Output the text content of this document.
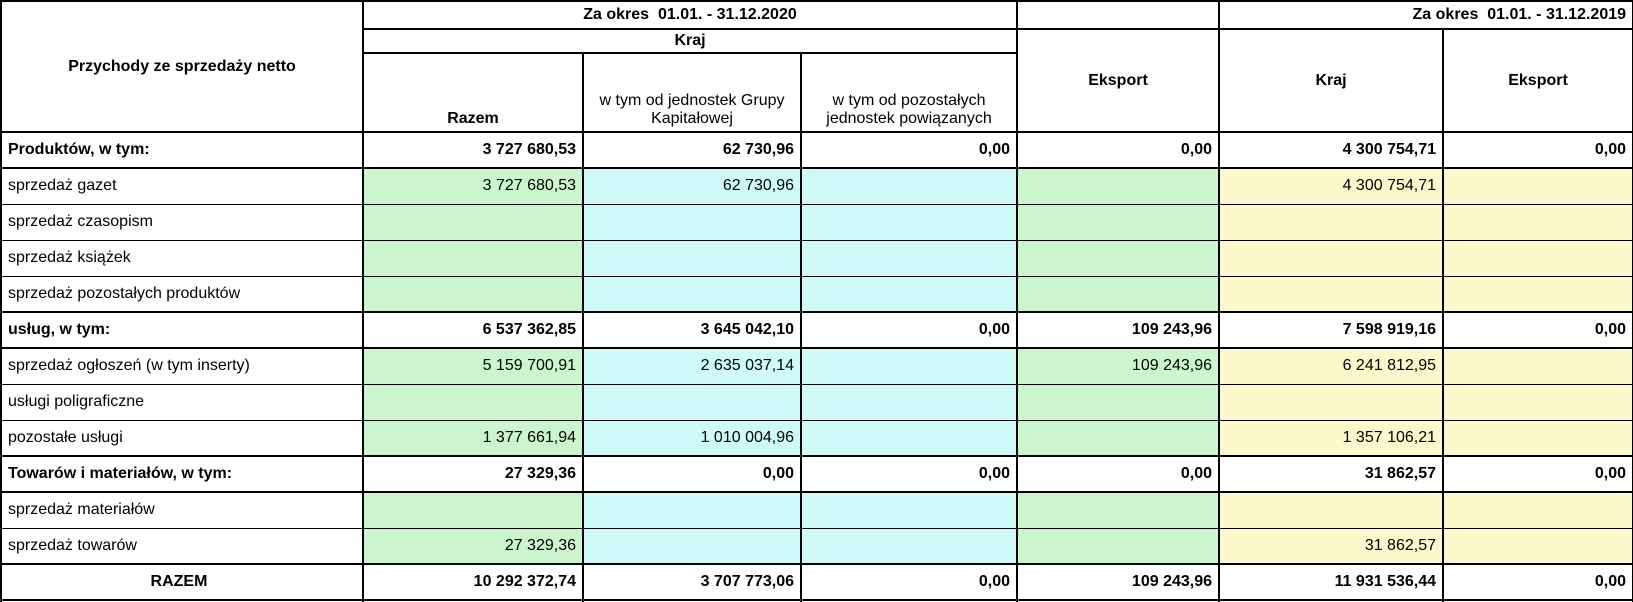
Przychody ze sprzedaży netto	Za okres  01.01. - 31.12.2020				Za okres  01.01. - 31.12.2019	
	Kraj			Eksport	Kraj	Eksport
	Razem	w tym od jednostek Grupy Kapitałowej	w tym od pozostałych jednostek powiązanych			
Produktów, w tym:	3 727 680,53	62 730,96	0,00	0,00	4 300 754,71	0,00
sprzedaż gazet	3 727 680,53	62 730,96			4 300 754,71	
sprzedaż czasopism						
sprzedaż książek						
sprzedaż pozostałych produktów						
usług, w tym:	6 537 362,85	3 645 042,10	0,00	109 243,96	7 598 919,16	0,00
sprzedaż ogłoszeń (w tym inserty)	5 159 700,91	2 635 037,14		109 243,96	6 241 812,95	
usługi poligraficzne						
pozostałe usługi	1 377 661,94	1 010 004,96			1 357 106,21	
Towarów i materiałów, w tym:	27 329,36	0,00	0,00	0,00	31 862,57	0,00
sprzedaż materiałów						
sprzedaż towarów	27 329,36				31 862,57	
RAZEM	10 292 372,74	3 707 773,06	0,00	109 243,96	11 931 536,44	0,00
